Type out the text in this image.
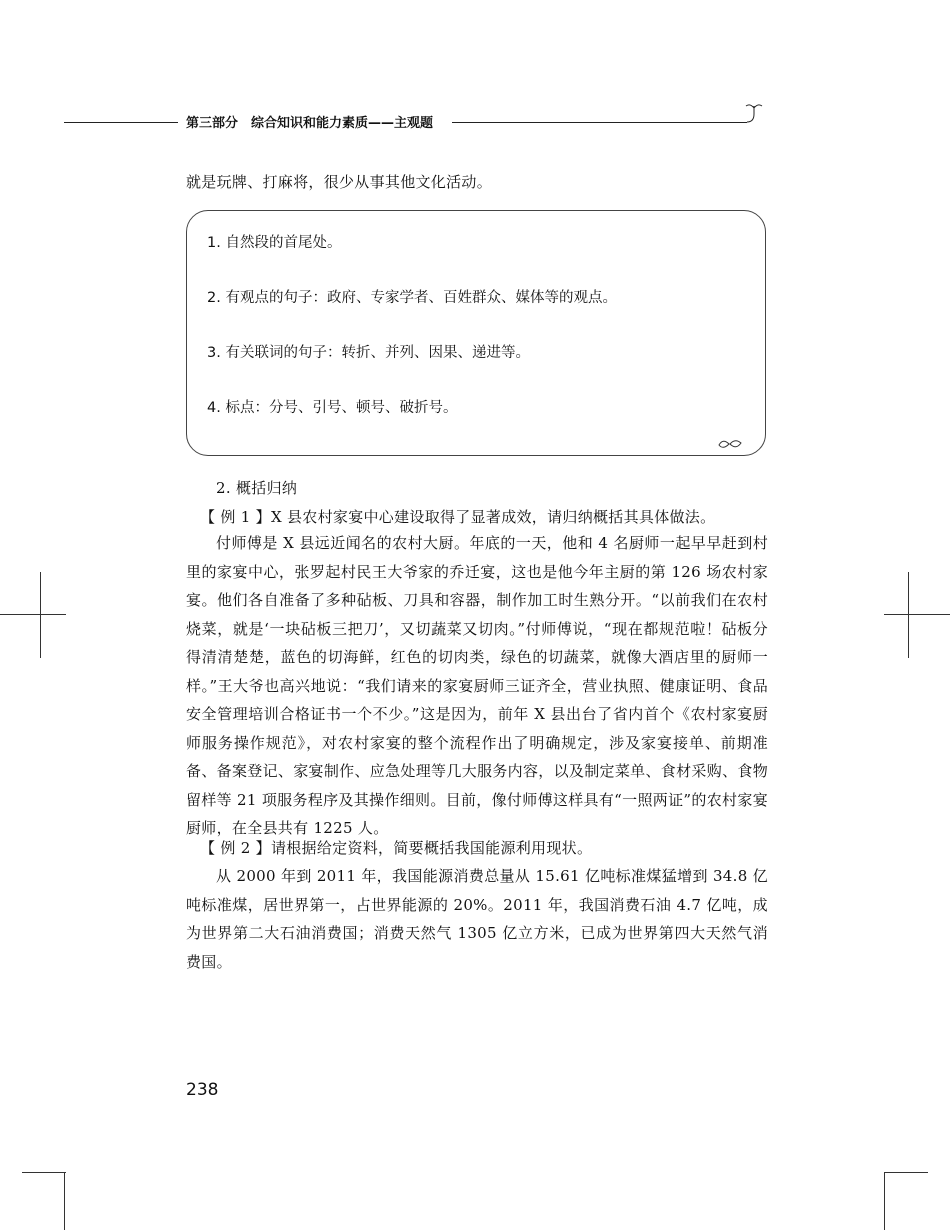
第三部分　综合知识和能力素质——主观题
就是玩牌、打麻将，很少从事其他文化活动。
1. 自然段的首尾处。
2. 有观点的句子：政府、专家学者、百姓群众、媒体等的观点。
3. 有关联词的句子：转折、并列、因果、递进等。
4. 标点：分号、引号、顿号、破折号。
2. 概括归纳
【 例 1 】X 县农村家宴中心建设取得了显著成效，请归纳概括其具体做法。
付师傅是 X 县远近闻名的农村大厨。年底的一天，他和 4 名厨师一起早早赶到村里的家宴中心，张罗起村民王大爷家的乔迁宴，这也是他今年主厨的第 126 场农村家宴。他们各自准备了多种砧板、刀具和容器，制作加工时生熟分开。“以前我们在农村烧菜，就是‘一块砧板三把刀’，又切蔬菜又切肉。”付师傅说，“现在都规范啦！砧板分得清清楚楚，蓝色的切海鲜，红色的切肉类，绿色的切蔬菜，就像大酒店里的厨师一样。”王大爷也高兴地说：“我们请来的家宴厨师三证齐全，营业执照、健康证明、食品安全管理培训合格证书一个不少。”这是因为，前年 X 县出台了省内首个《农村家宴厨师服务操作规范》，对农村家宴的整个流程作出了明确规定，涉及家宴接单、前期准备、备案登记、家宴制作、应急处理等几大服务内容，以及制定菜单、食材采购、食物留样等 21 项服务程序及其操作细则。目前，像付师傅这样具有“一照两证”的农村家宴厨师，在全县共有 1225 人。
【 例 2 】请根据给定资料，简要概括我国能源利用现状。
从 2000 年到 2011 年，我国能源消费总量从 15.61 亿吨标准煤猛增到 34.8 亿吨标准煤，居世界第一，占世界能源的 20%。2011 年，我国消费石油 4.7 亿吨，成为世界第二大石油消费国；消费天然气 1305 亿立方米，已成为世界第四大天然气消费国。
238
